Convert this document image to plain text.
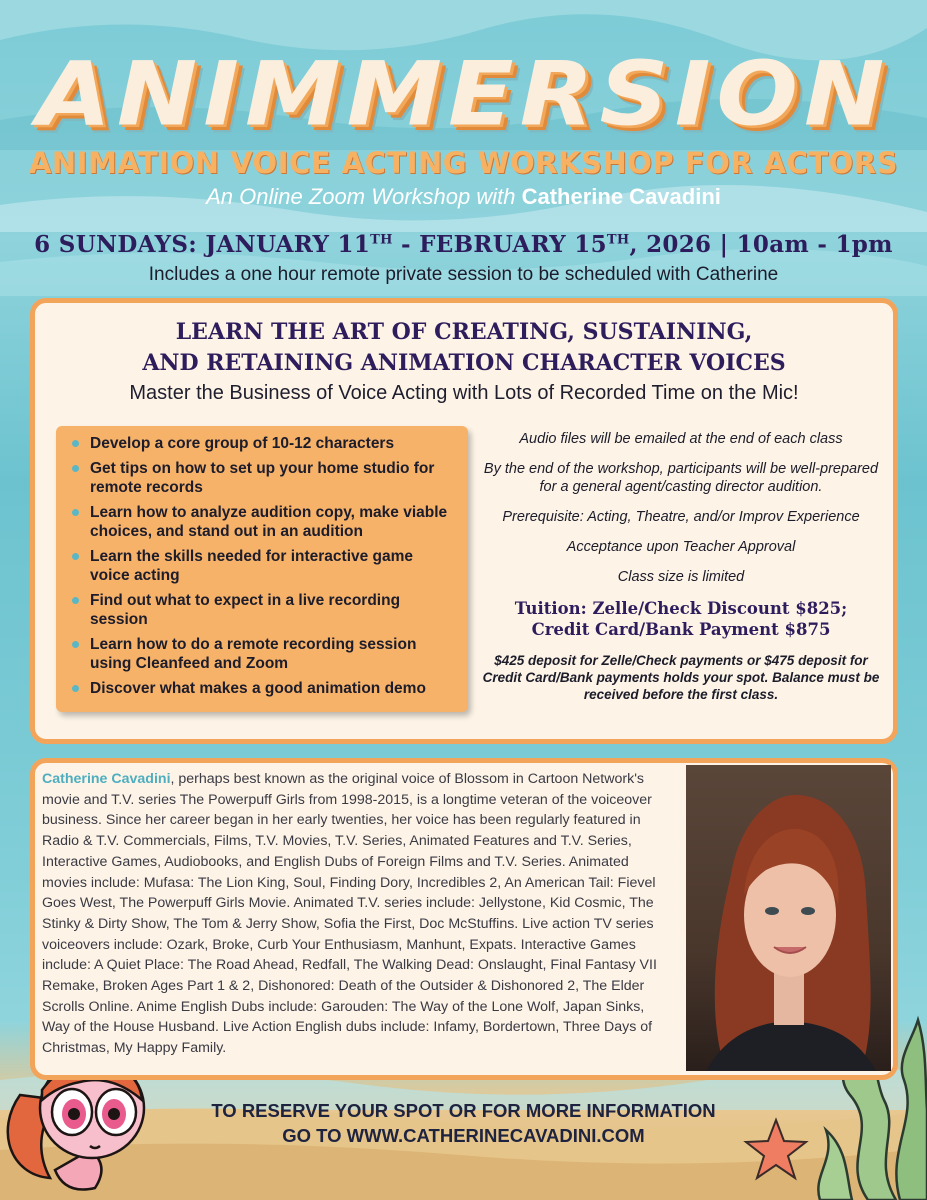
ANIMMERSION
ANIMATION VOICE ACTING WORKSHOP FOR ACTORS
An Online Zoom Workshop with Catherine Cavadini
6 SUNDAYS: JANUARY 11TH - FEBRUARY 15TH, 2026 | 10am - 1pm
Includes a one hour remote private session to be scheduled with Catherine
LEARN THE ART OF CREATING, SUSTAINING,
AND RETAINING ANIMATION CHARACTER VOICES
Master the Business of Voice Acting with Lots of Recorded Time on the Mic!
Develop a core group of 10-12 characters
Get tips on how to set up your home studio for remote records
Learn how to analyze audition copy, make viable choices, and stand out in an audition
Learn the skills needed for interactive game voice acting
Find out what to expect in a live recording session
Learn how to do a remote recording session using Cleanfeed and Zoom
Discover what makes a good animation demo

Audio files will be emailed at the end of each class

By the end of the workshop, participants will be well-prepared for a general agent/casting director audition.

Prerequisite: Acting, Theatre, and/or Improv Experience

Acceptance upon Teacher Approval

Class size is limited

Tuition: Zelle/Check Discount $825;
Credit Card/Bank Payment $875

$425 deposit for Zelle/Check payments or $475 deposit for Credit Card/Bank payments holds your spot. Balance must be received before the first class.

Catherine Cavadini, perhaps best known as the original voice of Blossom in Cartoon Network's movie and T.V. series The Powerpuff Girls from 1998-2015, is a longtime veteran of the voiceover business. Since her career began in her early twenties, her voice has been regularly featured in Radio & T.V. Commercials, Films, T.V. Movies, T.V. Series, Animated Features and T.V. Series, Interactive Games, Audiobooks, and English Dubs of Foreign Films and T.V. Series. Animated movies include: Mufasa: The Lion King, Soul, Finding Dory, Incredibles 2, An American Tail: Fievel Goes West, The Powerpuff Girls Movie. Animated T.V. series include: Jellystone, Kid Cosmic, The Stinky & Dirty Show, The Tom & Jerry Show, Sofia the First, Doc McStuffins. Live action TV series voiceovers include: Ozark, Broke, Curb Your Enthusiasm, Manhunt, Expats. Interactive Games include: A Quiet Place: The Road Ahead, Redfall, The Walking Dead: Onslaught, Final Fantasy VII Remake, Broken Ages Part 1 & 2, Dishonored: Death of the Outsider & Dishonored 2, The Elder Scrolls Online. Anime English Dubs include: Garouden: The Way of the Lone Wolf, Japan Sinks, Way of the House Husband. Live Action English dubs include: Infamy, Bordertown, Three Days of Christmas, My Happy Family.
TO RESERVE YOUR SPOT OR FOR MORE INFORMATION
GO TO WWW.CATHERINECAVADINI.COM
